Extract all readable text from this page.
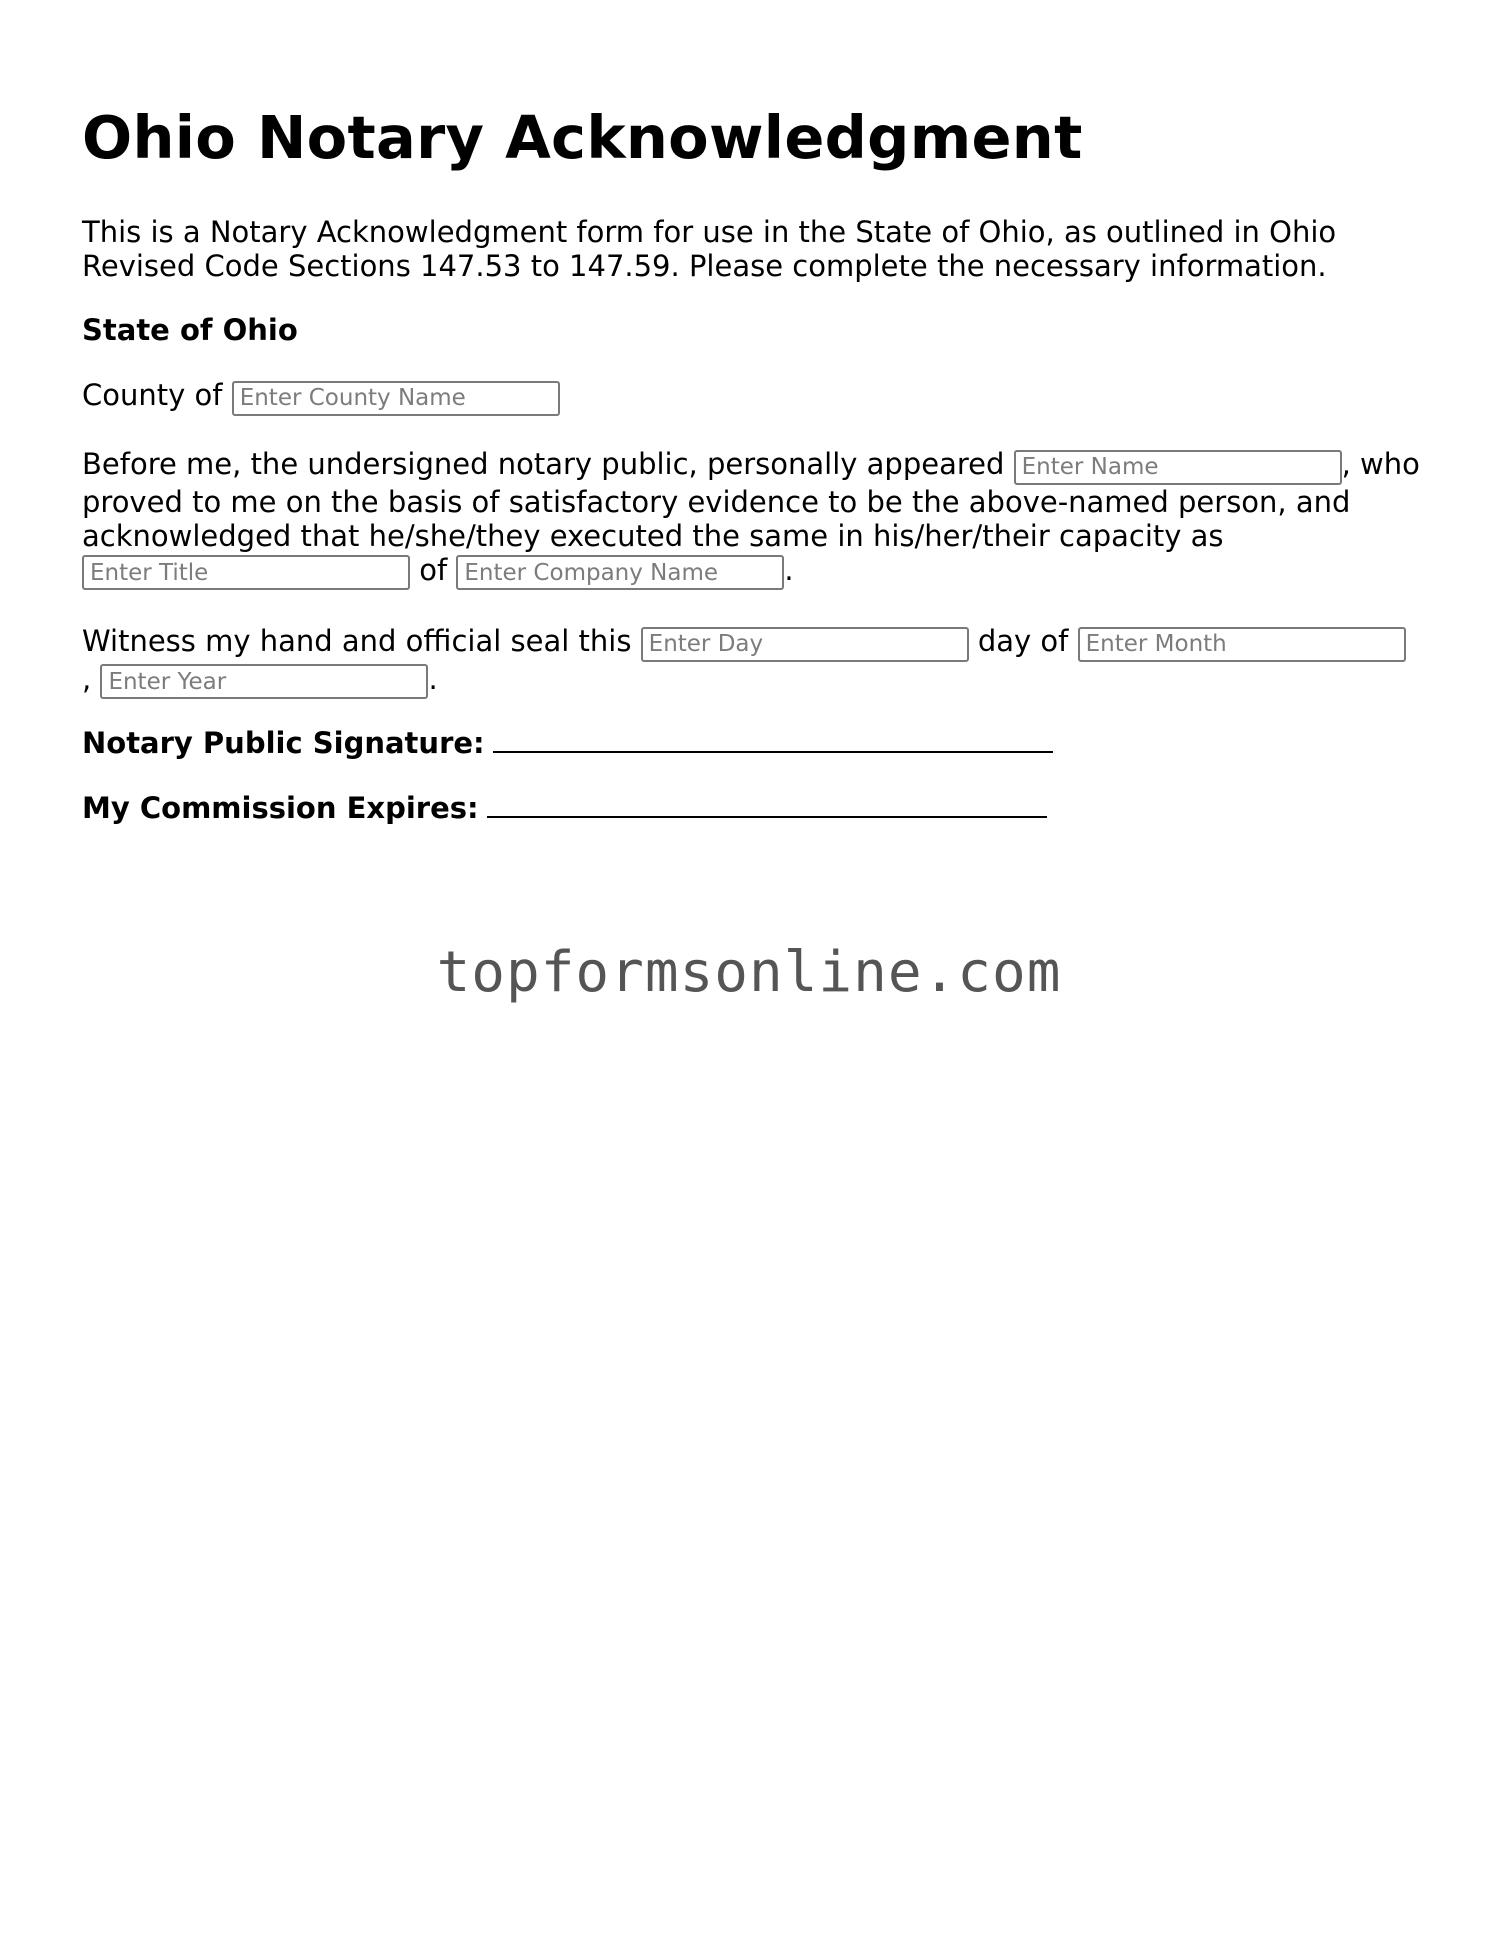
Ohio Notary Acknowledgment
This is a Notary Acknowledgment form for use in the State of Ohio, as outlined in Ohio Revised Code Sections 147.53 to 147.59. Please complete the necessary information.
State of Ohio
County of Enter County Name
Before me, the undersigned notary public, personally appeared Enter Name	, who proved to me on the basis of satisfactory evidence to be the above-named person, and acknowledged that he/she/they executed the same in his/her/their capacity as
Enter Title of Enter Company Name	.
Witness my hand and official seal this Enter Day	day of Enter Month
, Enter Year	.
Notary Public Signature:
My Commission Expires:
topformsonline.com
